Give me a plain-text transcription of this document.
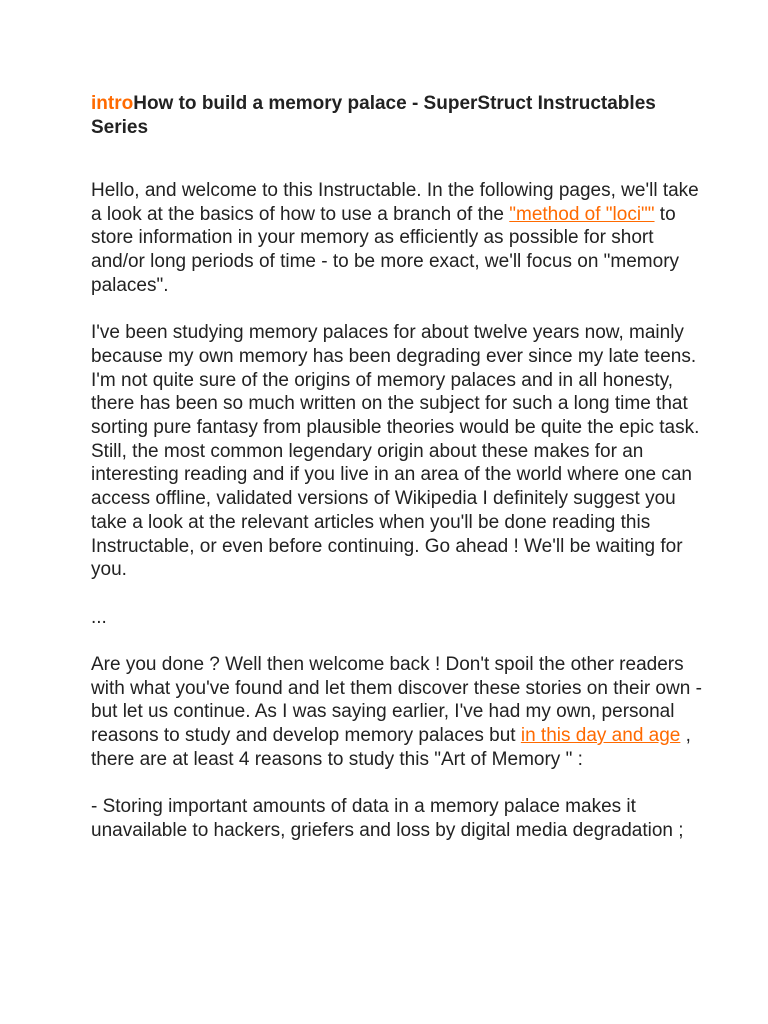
introHow to build a memory palace - SuperStruct Instructables Series

Hello, and welcome to this Instructable. In the following pages, we'll take a look at the basics of how to use a branch of the "method of "loci"" to store information in your memory as efficiently as possible for short and/or long periods of time - to be more exact, we'll focus on "memory palaces".

I've been studying memory palaces for about twelve years now, mainly because my own memory has been degrading ever since my late teens. I'm not quite sure of the origins of memory palaces and in all honesty, there has been so much written on the subject for such a long time that sorting pure fantasy from plausible theories would be quite the epic task. Still, the most common legendary origin about these makes for an interesting reading and if you live in an area of the world where one can access offline, validated versions of Wikipedia I definitely suggest you take a look at the relevant articles when you'll be done reading this Instructable, or even before continuing. Go ahead ! We'll be waiting for you.

...

Are you done ? Well then welcome back ! Don't spoil the other readers with what you've found and let them discover these stories on their own - but let us continue. As I was saying earlier, I've had my own, personal reasons to study and develop memory palaces but in this day and age , there are at least 4 reasons to study this "Art of Memory " :

- Storing important amounts of data in a memory palace makes it unavailable to hackers, griefers and loss by digital media degradation ;
